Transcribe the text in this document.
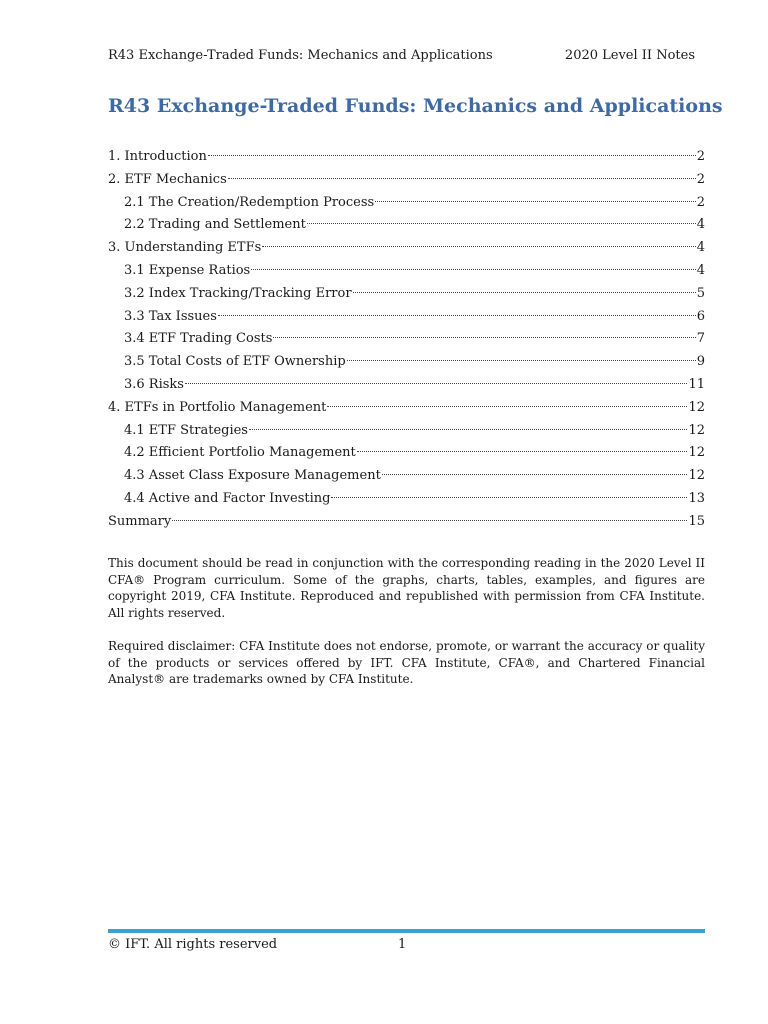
R43 Exchange-Traded Funds: Mechanics and Applications	2020 Level II Notes
R43 Exchange-Traded Funds: Mechanics and Applications
1. Introduction	2
2. ETF Mechanics	2
2.1 The Creation/Redemption Process	2
2.2 Trading and Settlement	4
3. Understanding ETFs	4
3.1 Expense Ratios	4
3.2 Index Tracking/Tracking Error	5
3.3 Tax Issues	6
3.4 ETF Trading Costs	7
3.5 Total Costs of ETF Ownership	9
3.6 Risks	11
4. ETFs in Portfolio Management	12
4.1 ETF Strategies	12
4.2 Efficient Portfolio Management	12
4.3 Asset Class Exposure Management	12
4.4 Active and Factor Investing	13
Summary	15

This document should be read in conjunction with the corresponding reading in the 2020 Level II CFA® Program curriculum. Some of the graphs, charts, tables, examples, and figures are copyright 2019, CFA Institute. Reproduced and republished with permission from CFA Institute. All rights reserved.

Required disclaimer: CFA Institute does not endorse, promote, or warrant the accuracy or quality of the products or services offered by IFT. CFA Institute, CFA®, and Chartered Financial Analyst® are trademarks owned by CFA Institute.

© IFT. All rights reserved	1
